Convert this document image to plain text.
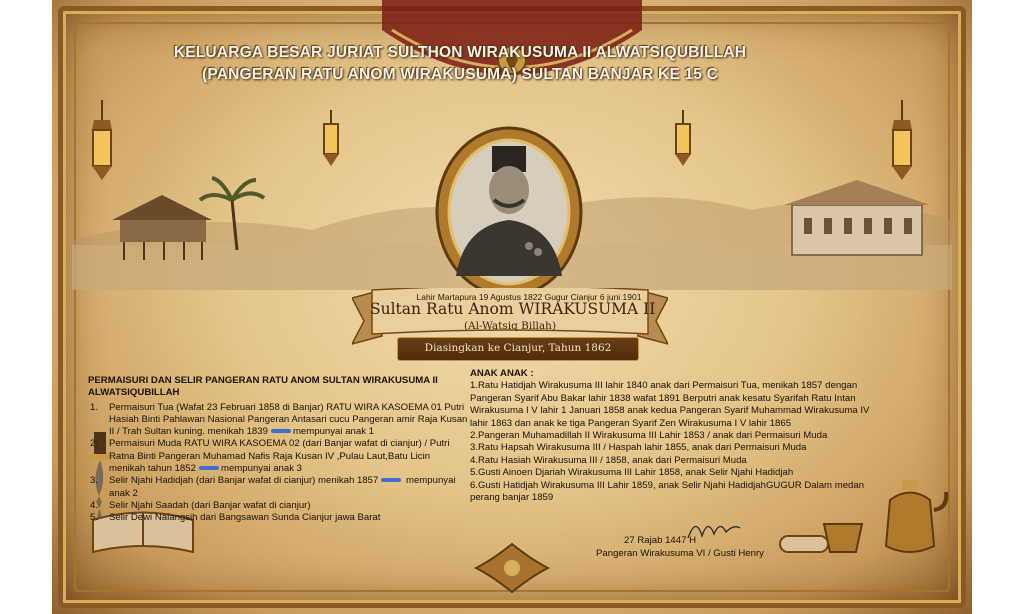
Lahir Martapura 19 Agustus 1822 Gugur Cianjur 6 juni 1901
Sultan Ratu Anom WIRAKUSUMA II
(Al-Watsiq Billah)
Diasingkan ke Cianjur, Tahun 1862
KELUARGA BESAR JURIAT SULTHON WIRAKUSUMA II ALWATSIQUBILLAH
(PANGERAN RATU ANOM WIRAKUSUMA) SULTAN BANJAR KE 15 C
PERMAISURI DAN SELIR PANGERAN RATU ANOM SULTAN WIRAKUSUMA II ALWATSIQUBILLAH
1. Permaisuri Tua (Wafat 23 Februari 1858 di Banjar) RATU WIRA KASOEMA 01 Putri Hasiah Binti Pahlawan Nasional Pangeran Antasari cucu Pangeran amir Raja Kusan II / Trah Sultan kuning. menikah 1839	mempunyai anak 1
2. Permaisuri Muda RATU WIRA KASOEMA 02 (dari Banjar wafat di cianjur) / Putri Ratna Binti Pangeran Muhamad Nafis Raja Kusan IV ,Pulau Laut,Batu Licin menikah tahun 1852	mempunyai anak 3
3. Selir Njahi Hadidjah (dari Banjar wafat di cianjur) menikah 1857	mempunyai anak 2
4. Selir Njahi Saadah (dari Banjar wafat di cianjur)
5. Selir Dewi Nalangsih dari Bangsawan Sunda Cianjur jawa Barat

ANAK ANAK :

1.Ratu Hatidjah Wirakusuma III lahir 1840 anak dari Permaisuri Tua, menikah 1857 dengan Pangeran Syarif Abu Bakar lahir 1838 wafat 1891 Berputri anak kesatu Syarifah Ratu Intan Wirakusuma I V lahir 1 Januari 1858 anak kedua Pangeran Syarif Muhammad Wirakusuma IV lahir 1863 dan anak ke tiga Pangeran Syarif Zen Wirakusuma I V lahir 1865

2.Pangeran Muhamadillah II Wirakusuma III Lahir 1853 / anak dari Permaisuri Muda

3.Ratu Hapsah Wirakusuma III / Haspah lahir 1855, anak dari Permaisuri Muda

4.Ratu Hasiah Wirakusuma III / 1858, anak dari Permaisuri Muda

5.Gusti Ainoen Djariah Wirakusuma III Lahir 1858, anak Selir Njahi Hadidjah

6.Gusti Hatidjah Wirakusuma III Lahir 1859, anak Selir Njahi HadidjahGUGUR Dalam medan perang banjar 1859

27 Rajab 1447 H
Pangeran Wirakusuma VI / Gusti Henry
